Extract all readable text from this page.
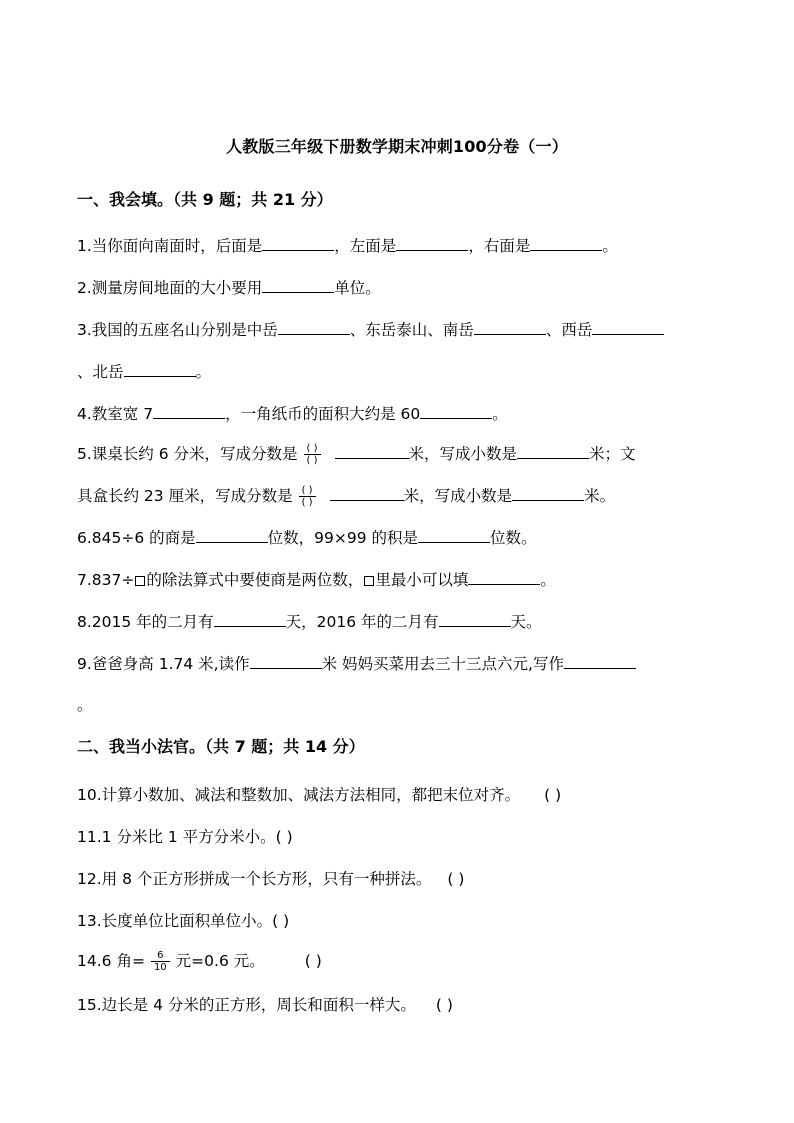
人教版三年级下册数学期末冲刺100分卷（一）
一、我会填。（共 9 题；共 21 分）
1.当你面向南面时，后面是	，左面是	，右面是	。
2.测量房间地面的大小要用	单位。
3.我国的五座名山分别是中岳	、东岳泰山、南岳	、西岳
、北岳	。
4.教室宽 7	，一角纸币的面积大约是 60	。
5.课桌长约 6 分米，写成分数是 $\frac{( )}{( )}$	米，写成小数是	米；文
具盒长约 23 厘米，写成分数是 $\frac{( )}{( )}$	米，写成小数是	米。
6.845÷6 的商是	位数，99×99 的积是	位数。
7.837÷ 的除法算式中要使商是两位数， 里最小可以填	。
8.2015 年的二月有	天，2016 年的二月有	天。
9.爸爸身高 1.74 米,读作	米 妈妈买菜用去三十三点六元,写作
。
二、我当小法官。（共 7 题；共 14 分）
10.计算小数加、减法和整数加、减法方法相同，都把末位对齐。 ( )
11.1 分米比 1 平方分米小。( )
12.用 8 个正方形拼成一个长方形，只有一种拼法。 ( )
13.长度单位比面积单位小。( )
14.6 角= $\frac{6}{10}$ 元=0.6 元。	( )
15.边长是 4 分米的正方形，周长和面积一样大。 ( )
